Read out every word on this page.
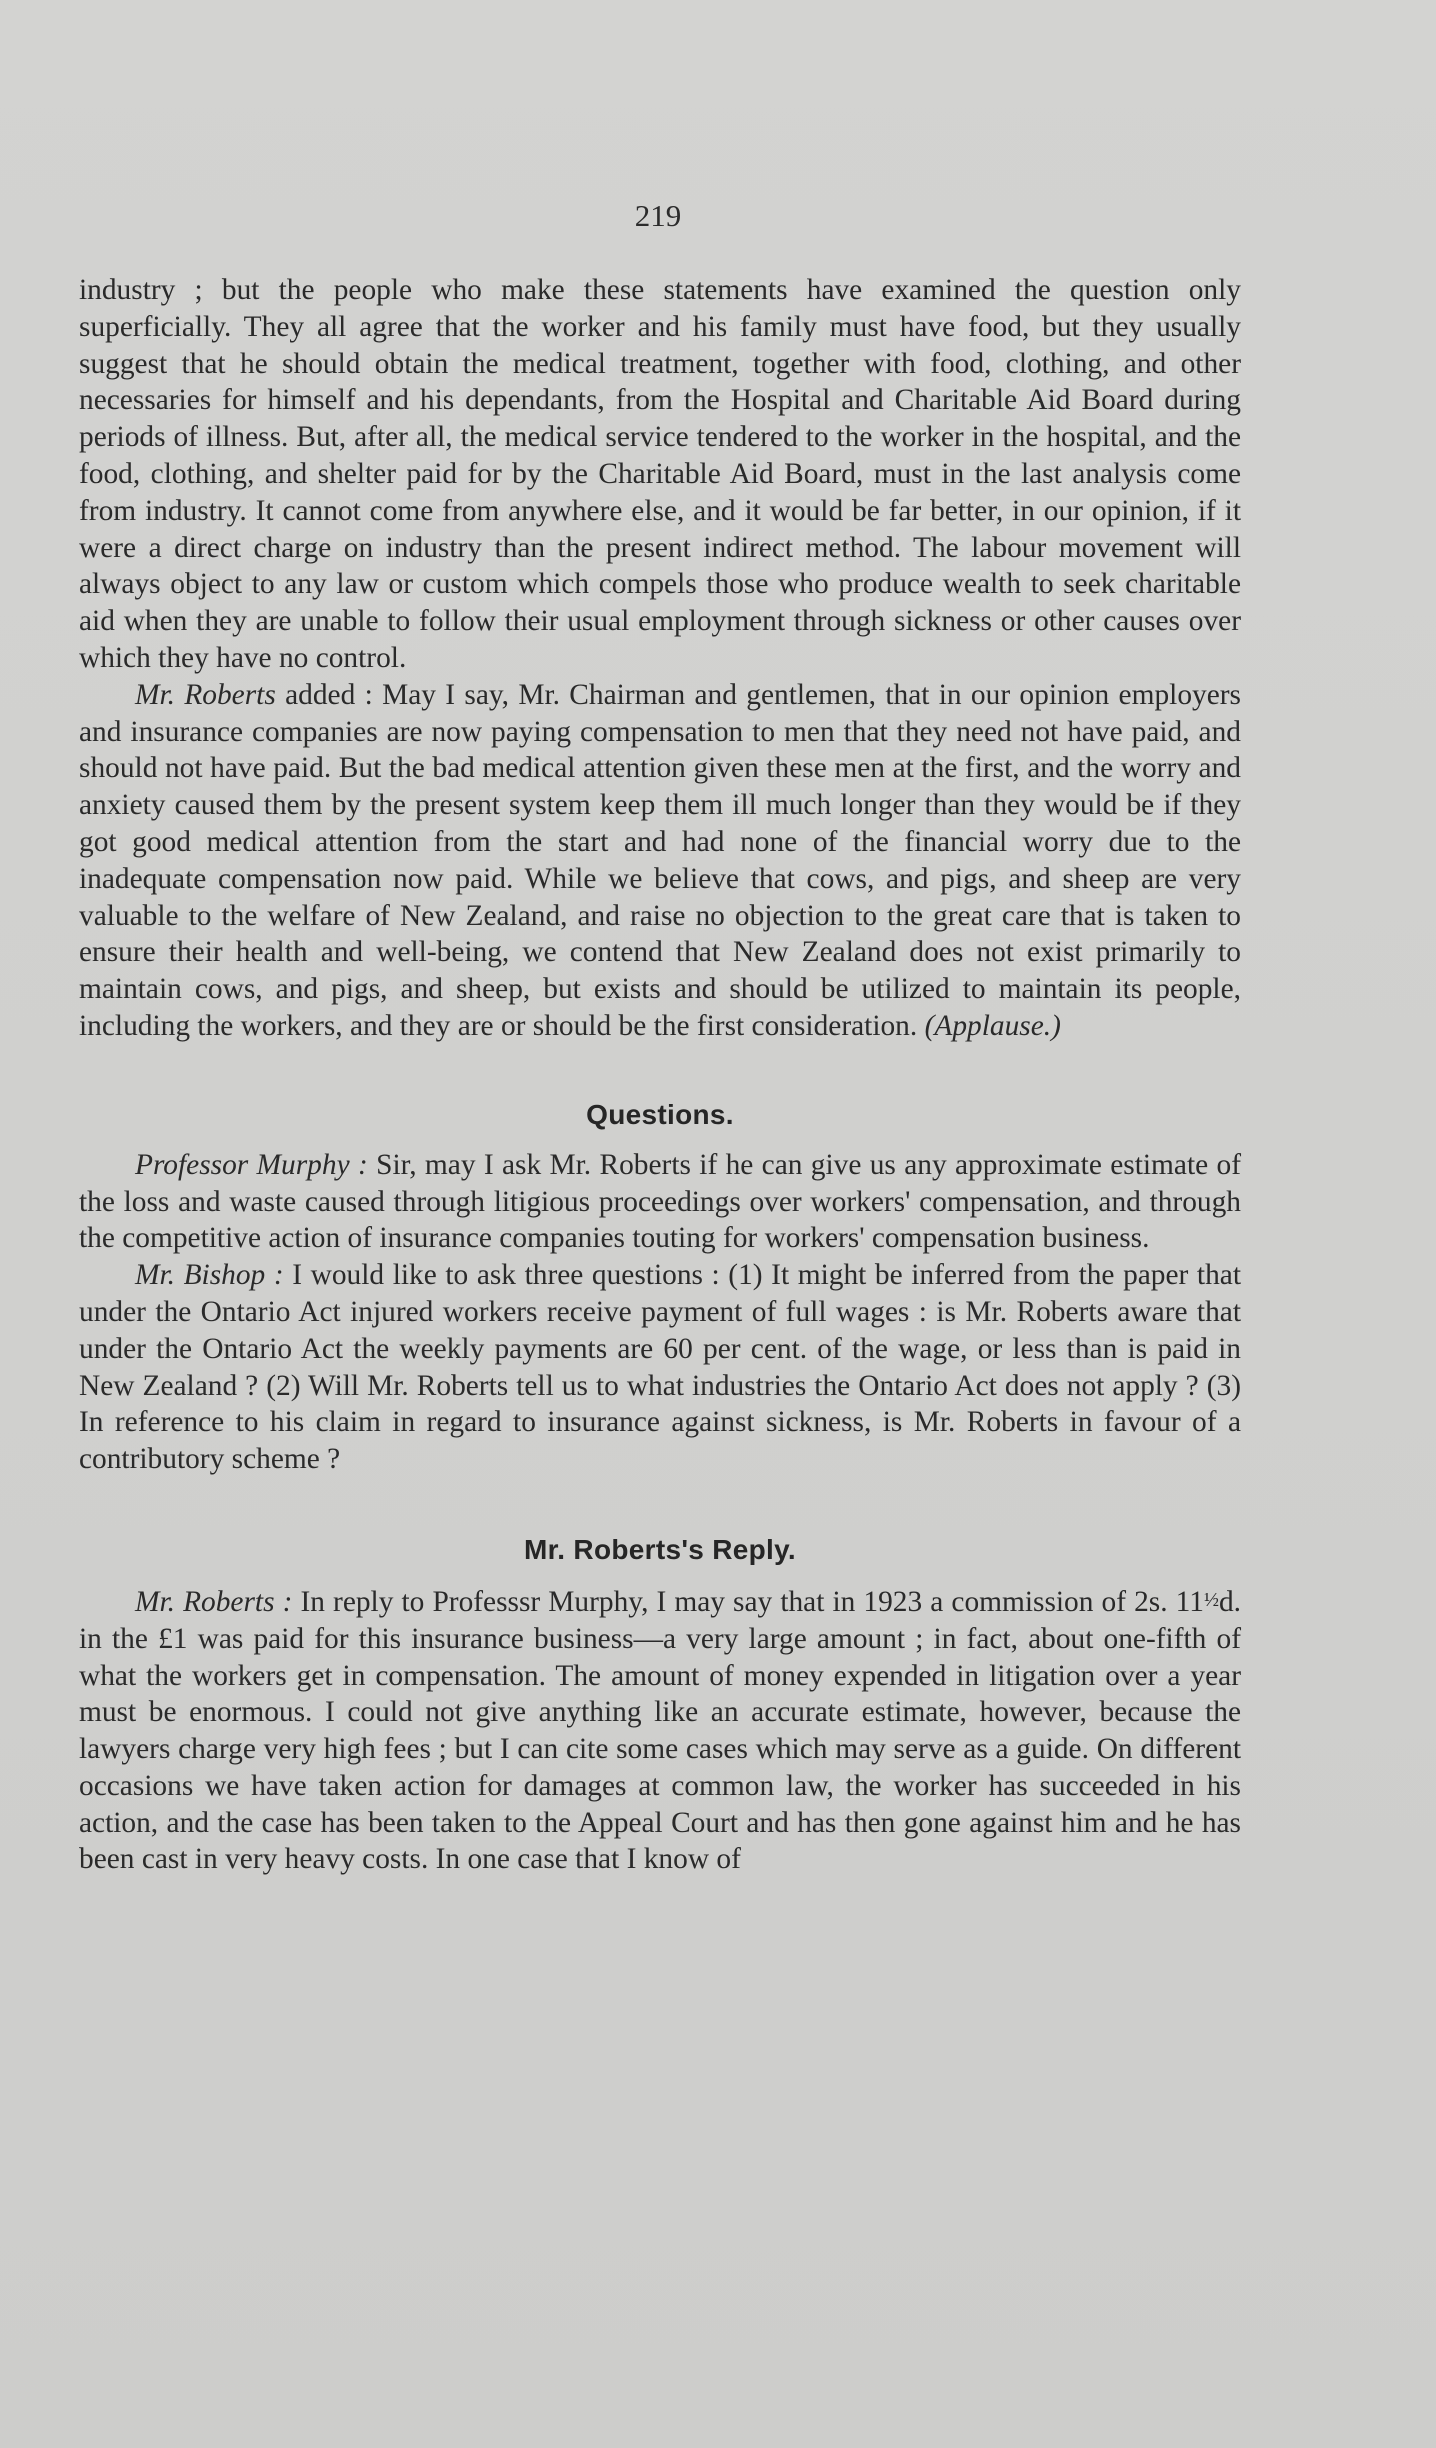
219

industry ; but the people who make these statements have examined the question only superficially. They all agree that the worker and his family must have food, but they usually suggest that he should obtain the medical treatment, together with food, clothing, and other necessaries for himself and his dependants, from the Hospital and Charitable Aid Board during periods of illness. But, after all, the medical service tendered to the worker in the hospital, and the food, clothing, and shelter paid for by the Charitable Aid Board, must in the last analysis come from industry. It cannot come from anywhere else, and it would be far better, in our opinion, if it were a direct charge on industry than the present indirect method. The labour movement will always object to any law or custom which compels those who produce wealth to seek charitable aid when they are unable to follow their usual employment through sickness or other causes over which they have no control.

Mr. Roberts added : May I say, Mr. Chairman and gentlemen, that in our opinion employers and insurance companies are now paying compensation to men that they need not have paid, and should not have paid. But the bad medical attention given these men at the first, and the worry and anxiety caused them by the present system keep them ill much longer than they would be if they got good medical attention from the start and had none of the financial worry due to the inadequate compensation now paid. While we believe that cows, and pigs, and sheep are very valuable to the welfare of New Zealand, and raise no objection to the great care that is taken to ensure their health and well-being, we contend that New Zealand does not exist primarily to maintain cows, and pigs, and sheep, but exists and should be utilized to maintain its people, including the workers, and they are or should be the first consideration. (Applause.)

Questions.

Professor Murphy : Sir, may I ask Mr. Roberts if he can give us any approximate estimate of the loss and waste caused through litigious proceedings over workers' compensation, and through the competitive action of insurance companies touting for workers' compensation business.

Mr. Bishop : I would like to ask three questions : (1) It might be inferred from the paper that under the Ontario Act injured workers receive payment of full wages : is Mr. Roberts aware that under the Ontario Act the weekly payments are 60 per cent. of the wage, or less than is paid in New Zealand ? (2) Will Mr. Roberts tell us to what industries the Ontario Act does not apply ? (3) In reference to his claim in regard to insurance against sickness, is Mr. Roberts in favour of a contributory scheme ?

Mr. Roberts's Reply.

Mr. Roberts : In reply to Professsr Murphy, I may say that in 1923 a commission of 2s. 11½d. in the £1 was paid for this insurance business—a very large amount ; in fact, about one-fifth of what the workers get in compensation. The amount of money expended in litigation over a year must be enormous. I could not give anything like an accurate estimate, however, because the lawyers charge very high fees ; but I can cite some cases which may serve as a guide. On different occasions we have taken action for damages at common law, the worker has succeeded in his action, and the case has been taken to the Appeal Court and has then gone against him and he has been cast in very heavy costs. In one case that I know of
